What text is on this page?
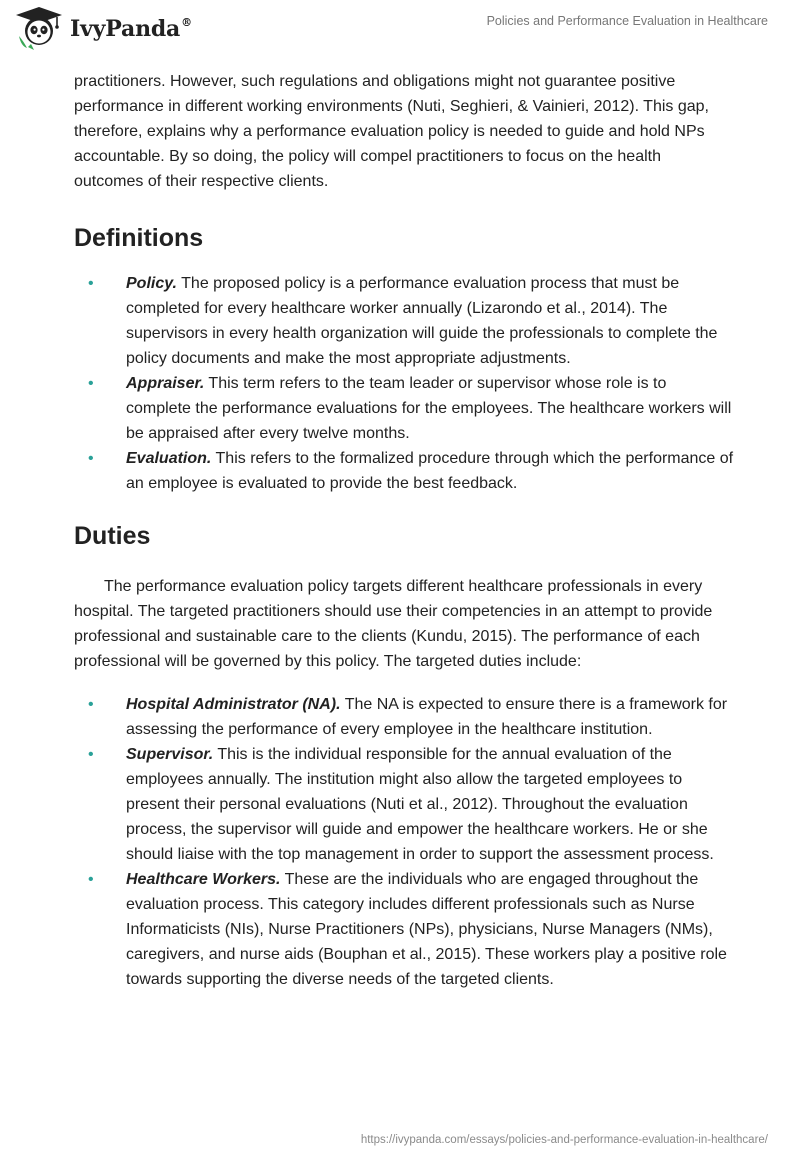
IvyPanda®	Policies and Performance Evaluation in Healthcare

practitioners. However, such regulations and obligations might not guarantee positive performance in different working environments (Nuti, Seghieri, & Vainieri, 2012). This gap, therefore, explains why a performance evaluation policy is needed to guide and hold NPs accountable. By so doing, the policy will compel practitioners to focus on the health outcomes of their respective clients.

Definitions
• Policy. The proposed policy is a performance evaluation process that must be completed for every healthcare worker annually (Lizarondo et al., 2014). The supervisors in every health organization will guide the professionals to complete the policy documents and make the most appropriate adjustments.
• Appraiser. This term refers to the team leader or supervisor whose role is to complete the performance evaluations for the employees. The healthcare workers will be appraised after every twelve months.
• Evaluation. This refers to the formalized procedure through which the performance of an employee is evaluated to provide the best feedback.
Duties

The performance evaluation policy targets different healthcare professionals in every hospital. The targeted practitioners should use their competencies in an attempt to provide professional and sustainable care to the clients (Kundu, 2015). The performance of each professional will be governed by this policy. The targeted duties include:

• Hospital Administrator (NA). The NA is expected to ensure there is a framework for assessing the performance of every employee in the healthcare institution.
• Supervisor. This is the individual responsible for the annual evaluation of the employees annually. The institution might also allow the targeted employees to present their personal evaluations (Nuti et al., 2012). Throughout the evaluation process, the supervisor will guide and empower the healthcare workers. He or she should liaise with the top management in order to support the assessment process.
• Healthcare Workers. These are the individuals who are engaged throughout the evaluation process. This category includes different professionals such as Nurse Informaticists (NIs), Nurse Practitioners (NPs), physicians, Nurse Managers (NMs), caregivers, and nurse aids (Bouphan et al., 2015). These workers play a positive role towards supporting the diverse needs of the targeted clients.
https://ivypanda.com/essays/policies-and-performance-evaluation-in-healthcare/
